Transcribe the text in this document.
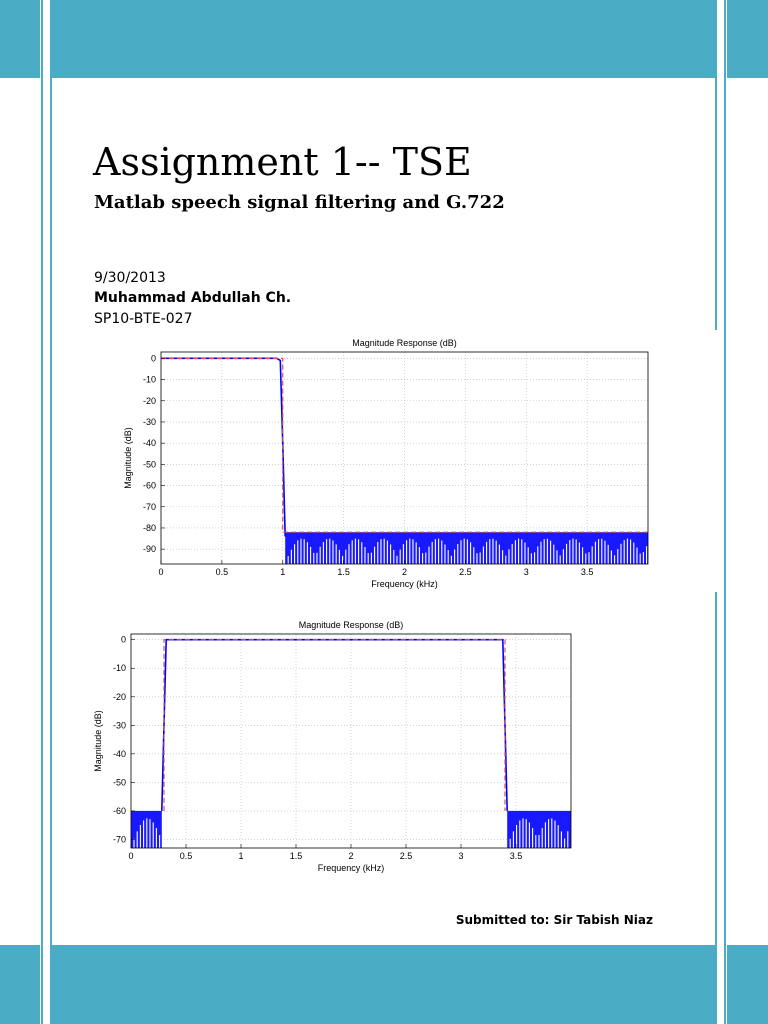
Assignment 1-- TSE
Matlab speech signal filtering and G.722
9/30/2013
Muhammad Abdullah Ch.
SP10-BTE-027
Submitted to: Sir Tabish Niaz
0	0.5	1	1.5	2	2.5	3	3.5
0
-10
-20
-30
-40
-50
-60
-70
-80
-90
Magnitude Response (dB)
Frequency (kHz)
Magnitude (dB)
0	0.5	1	1.5	2	2.5	3	3.5
0
-10
-20
-30
-40
-50
-60
-70
Magnitude Response (dB)
Frequency (kHz)
Magnitude (dB)
